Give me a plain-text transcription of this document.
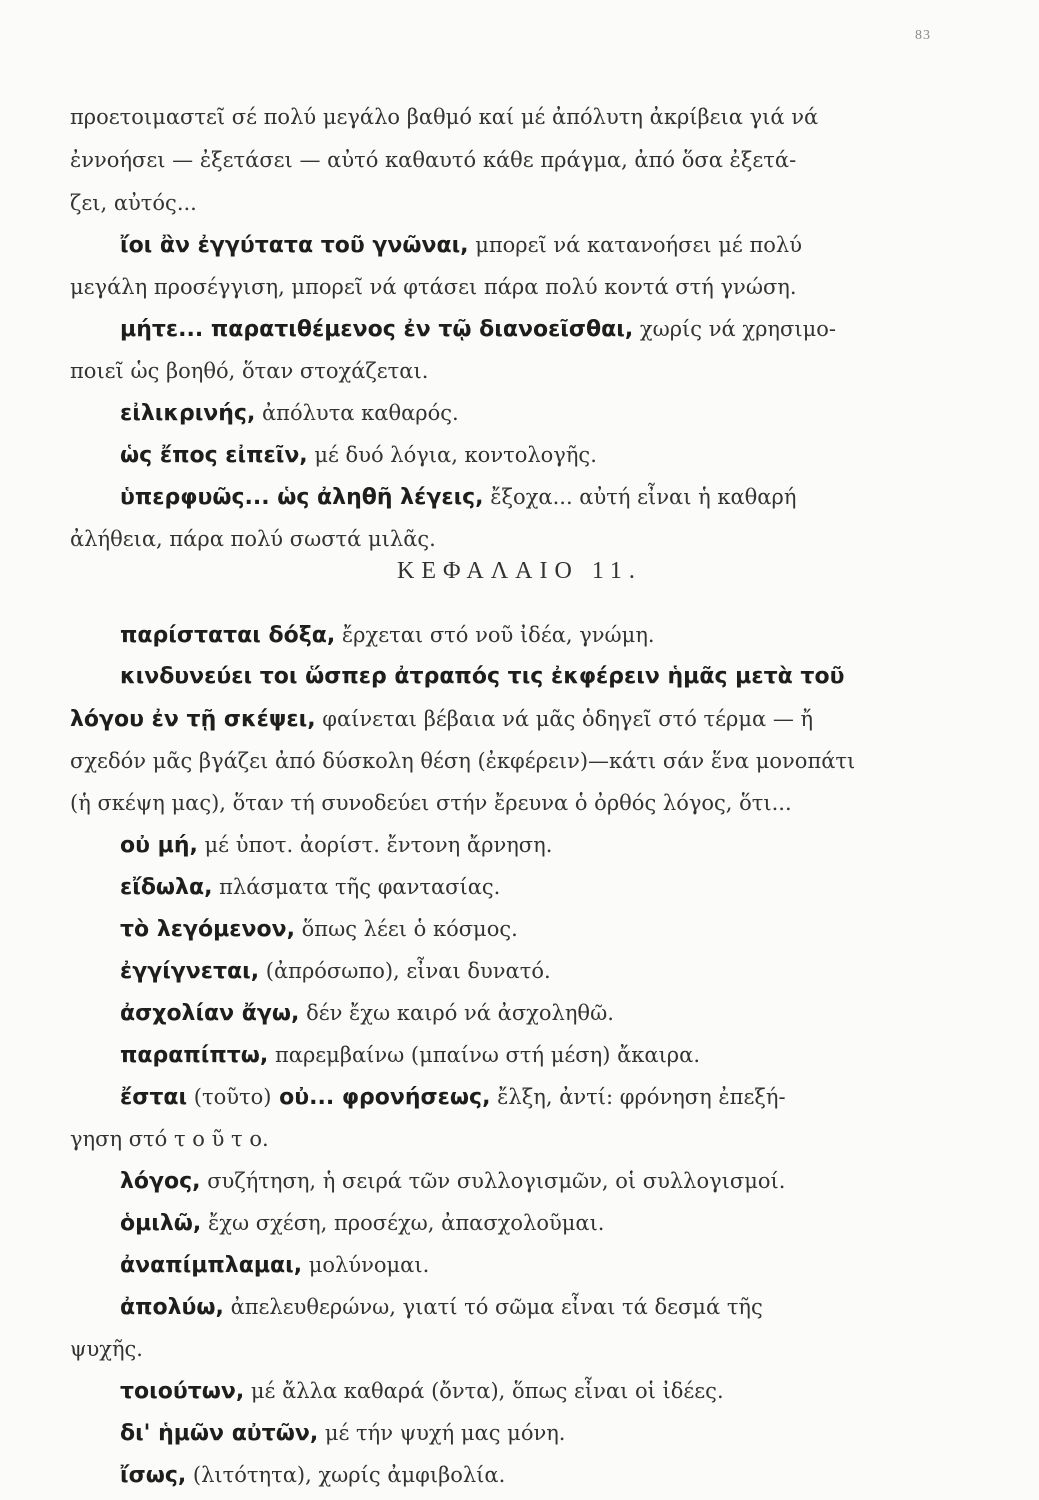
83
προετοιμαστεῖ σέ πολύ μεγάλο βαθμό καί μέ ἀπόλυτη ἀκρίβεια γιά νά
ἐννοήσει — ἐξετάσει — αὐτό καθαυτό κάθε πράγμα, ἀπό ὅσα ἐξετά-
ζει, αὐτός...
ἴοι ἂν ἐγγύτατα τοῦ γνῶναι, μπορεῖ νά κατανοήσει μέ πολύ
μεγάλη προσέγγιση, μπορεῖ νά φτάσει πάρα πολύ κοντά στή γνώση.
μήτε... παρατιθέμενος ἐν τῷ διανοεῖσθαι, χωρίς νά χρησιμο-
ποιεῖ ὡς βοηθό, ὅταν στοχάζεται.
εἰλικρινής, ἀπόλυτα καθαρός.
ὡς ἔπος εἰπεῖν, μέ δυό λόγια, κοντολογῆς.
ὑπερφυῶς... ὡς ἀληθῆ λέγεις, ἔξοχα... αὐτή εἶναι ἡ καθαρή
ἀλήθεια, πάρα πολύ σωστά μιλᾶς.
ΚΕΦΑΛΑΙΟ 11.
παρίσταται δόξα, ἔρχεται στό νοῦ ἰδέα, γνώμη.
κινδυνεύει τοι ὥσπερ ἀτραπός τις ἐκφέρειν ἡμᾶς μετὰ τοῦ
λόγου ἐν τῇ σκέψει, φαίνεται βέβαια νά μᾶς ὁδηγεῖ στό τέρμα — ἤ
σχεδόν μᾶς βγάζει ἀπό δύσκολη θέση (ἐκφέρειν)—κάτι σάν ἕνα μονοπάτι
(ἡ σκέψη μας), ὅταν τή συνοδεύει στήν ἔρευνα ὁ ὀρθός λόγος, ὅτι...
οὐ μή, μέ ὑποτ. ἀορίστ. ἔντονη ἄρνηση.
εἴδωλα, πλάσματα τῆς φαντασίας.
τὸ λεγόμενον, ὅπως λέει ὁ κόσμος.
ἐγγίγνεται, (ἀπρόσωπο), εἶναι δυνατό.
ἀσχολίαν ἄγω, δέν ἔχω καιρό νά ἀσχοληθῶ.
παραπίπτω, παρεμβαίνω (μπαίνω στή μέση) ἄκαιρα.
ἔσται (τοῦτο) οὐ... φρονήσεως, ἔλξη, ἀντί: φρόνηση ἐπεξή-
γηση στό τ ο ῦ τ ο.
λόγος, συζήτηση, ἡ σειρά τῶν συλλογισμῶν, οἱ συλλογισμοί.
ὁμιλῶ, ἔχω σχέση, προσέχω, ἀπασχολοῦμαι.
ἀναπίμπλαμαι, μολύνομαι.
ἀπολύω, ἀπελευθερώνω, γιατί τό σῶμα εἶναι τά δεσμά τῆς
ψυχῆς.
τοιούτων, μέ ἄλλα καθαρά (ὄντα), ὅπως εἶναι οἱ ἰδέες.
δι' ἡμῶν αὐτῶν, μέ τήν ψυχή μας μόνη.
ἴσως, (λιτότητα), χωρίς ἀμφιβολία.
